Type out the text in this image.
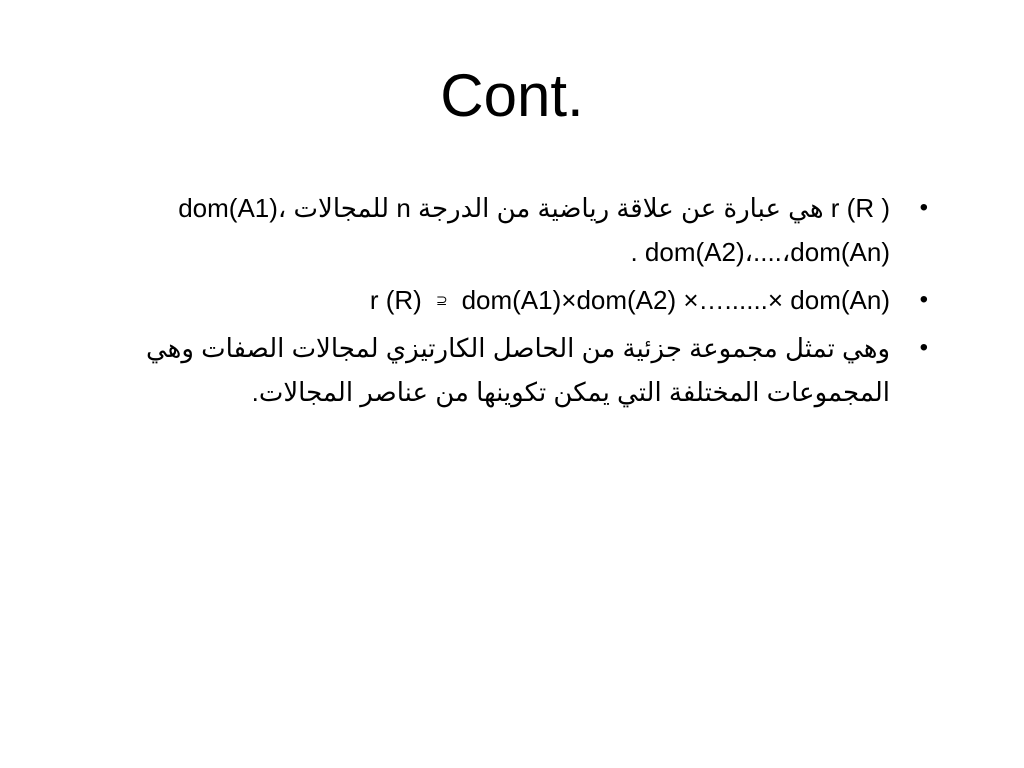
Cont.
•
r (R ) هي عبارة عن علاقة رياضية من الدرجة n للمجالات dom(A1)، dom(A2)،....،dom(An) .
•
r (R) ⊇ dom(A1)×dom(A2) ×…......× dom(An)
•
وهي تمثل مجموعة جزئية من الحاصل الكارتيزي لمجالات الصفات وهي المجموعات المختلفة التي يمكن تكوينها من عناصر المجالات.
